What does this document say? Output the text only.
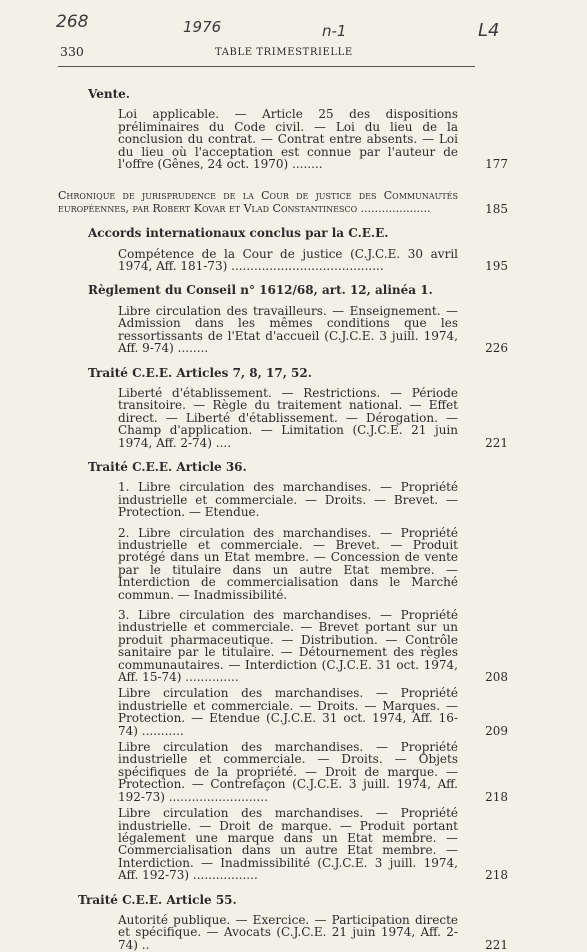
268	1976	n-1	L4
330	TABLE TRIMESTRIELLE
Vente.

Loi applicable. — Article 25 des dispositions préliminaires du Code civil. — Loi du lieu de la conclusion du contrat. — Contrat entre absents. — Loi du lieu où l'acceptation est connue par l'auteur de l'offre (Gênes, 24 oct. 1970) ........	177

Chronique de jurisprudence de la Cour de justice des Communautés européennes, par Robert Kovar et Vlad Constantinesco ....................	185
Accords internationaux conclus par la C.E.E.

Compétence de la Cour de justice (C.J.C.E. 30 avril 1974, Aff. 181-73) ........................................	195
Règlement du Conseil n° 1612/68, art. 12, alinéa 1.

Libre circulation des travailleurs. — Enseignement. — Admission dans les mêmes conditions que les ressortissants de l'Etat d'accueil (C.J.C.E. 3 juill. 1974, Aff. 9-74) ........	226
Traité C.E.E. Articles 7, 8, 17, 52.

Liberté d'établissement. — Restrictions. — Période transitoire. — Règle du traitement national. — Effet direct. — Liberté d'établissement. — Dérogation. — Champ d'application. — Limitation (C.J.C.E. 21 juin 1974, Aff. 2-74) ....	221
Traité C.E.E. Article 36.

1. Libre circulation des marchandises. — Propriété industrielle et commerciale. — Droits. — Brevet. — Protection. — Etendue.

2. Libre circulation des marchandises. — Propriété industrielle et commerciale. — Brevet. — Produit protégé dans un Etat membre. — Concession de vente par le titulaire dans un autre Etat membre. — Interdiction de commercialisation dans le Marché commun. — Inadmissibilité.

3. Libre circulation des marchandises. — Propriété industrielle et commerciale. — Brevet portant sur un produit pharmaceutique. — Distribution. — Contrôle sanitaire par le titulaire. — Détournement des règles communautaires. — Interdiction (C.J.C.E. 31 oct. 1974, Aff. 15-74) ..............	208

Libre circulation des marchandises. — Propriété industrielle et commerciale. — Droits. — Marques. — Protection. — Etendue (C.J.C.E. 31 oct. 1974, Aff. 16-74) ...........	209

Libre circulation des marchandises. — Propriété industrielle et commerciale. — Droits. — Objets spécifiques de la propriété. — Droit de marque. — Protection. — Contrefaçon (C.J.C.E. 3 juill. 1974, Aff. 192-73) ..........................	218

Libre circulation des marchandises. — Propriété industrielle. — Droit de marque. — Produit portant légalement une marque dans un Etat membre. — Commercialisation dans un autre Etat membre. — Interdiction. — Inadmissibilité (C.J.C.E. 3 juill. 1974, Aff. 192-73) .................	218
Traité C.E.E. Article 55.

Autorité publique. — Exercice. — Participation directe et spécifique. — Avocats (C.J.C.E. 21 juin 1974, Aff. 2-74) ..	221
